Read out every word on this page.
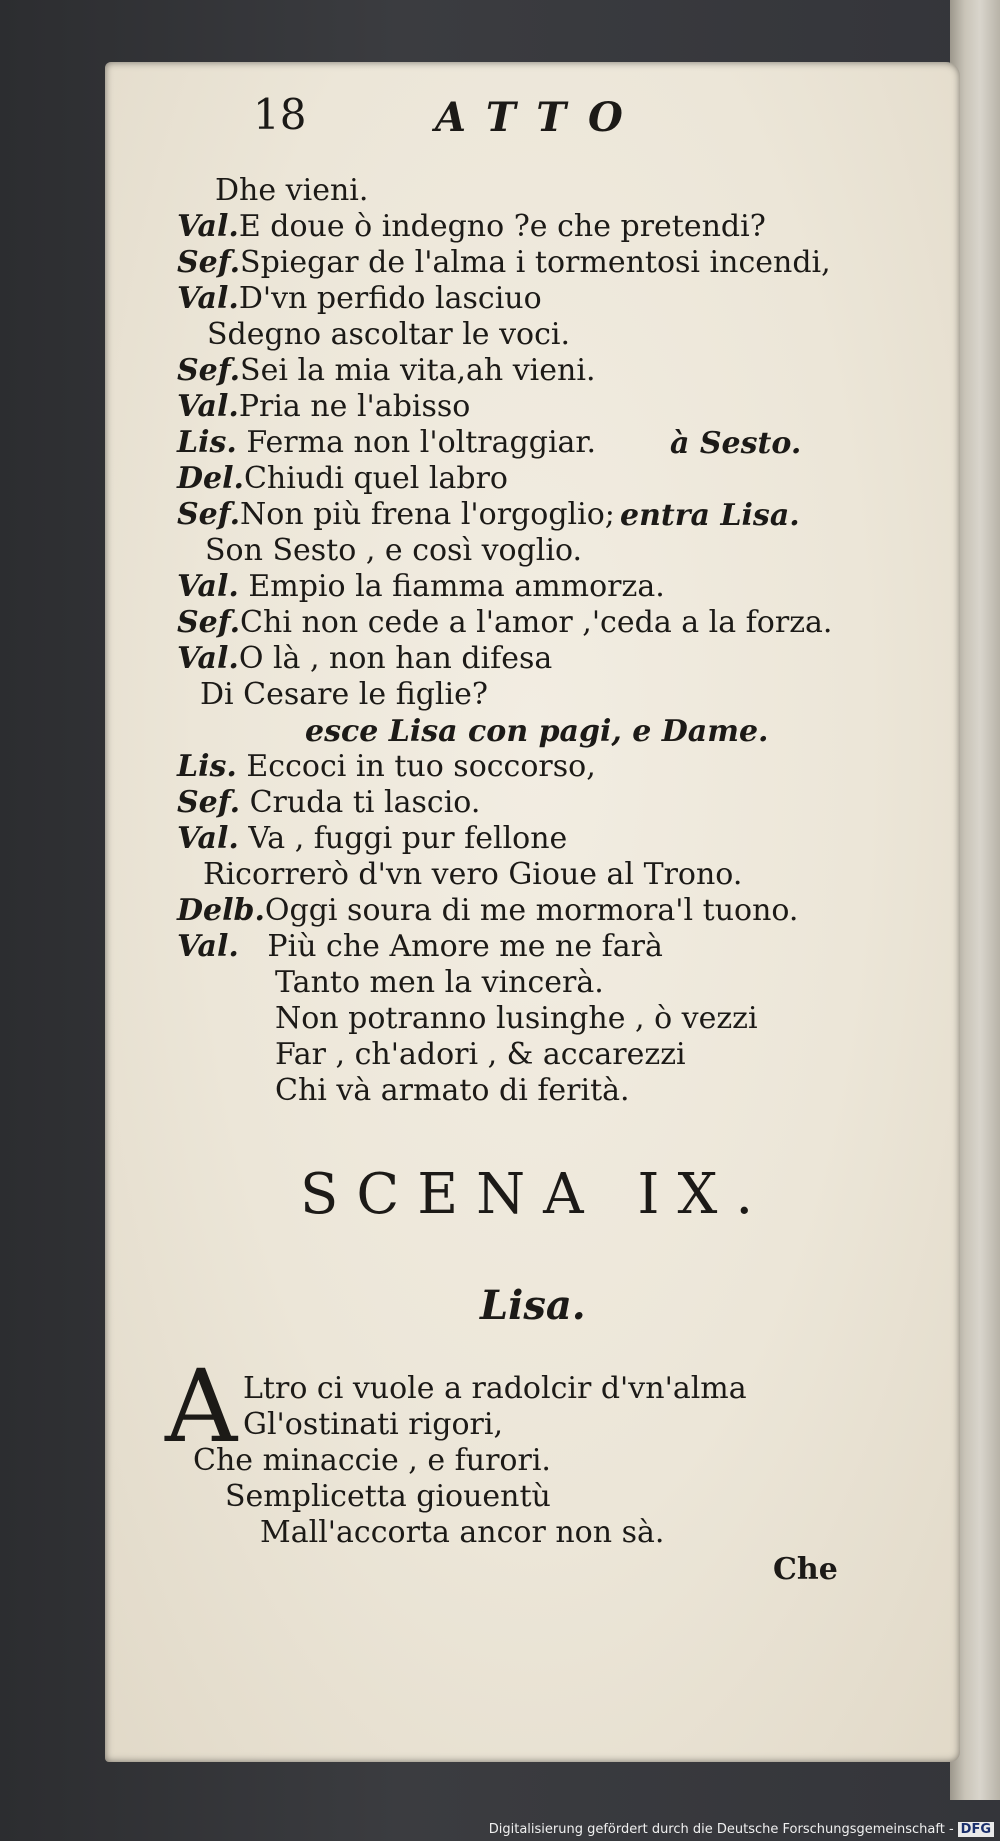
18	ATTO
Dhe vieni.
Val.E doue ò indegno ?e che pretendi?
Sef.Spiegar de l'alma i tormentosi incendi,
Val.D'vn perfido lasciuo
Sdegno ascoltar le voci.
Sef.Sei la mia vita,ah vieni.
Val.Pria ne l'abisso
Lis. Ferma non l'oltraggiar. à Sesto.
Del.Chiudi quel labro
Sef.Non più frena l'orgoglio; entra Lisa.
Son Sesto , e così voglio.
Val. Empio la fiamma ammorza.
Sef.Chi non cede a l'amor ,'ceda a la forza.
Val.O là , non han difesa
Di Cesare le figlie?
esce Lisa con pagi, e Dame.
Lis. Eccoci in tuo soccorso,
Sef. Cruda ti lascio.
Val. Va , fuggi pur fellone
Ricorrerò d'vn vero Gioue al Trono.
Delb.Oggi soura di me mormora'l tuono.
Val. Più che Amore me ne farà
Tanto men la vincerà.
Non potranno lusinghe , ò vezzi
Far , ch'adori , & accarezzi
Chi và armato di ferità.
SCENA IX.
Lisa.
A Ltro ci vuole a radolcir d'vn'alma
Gl'ostinati rigori,
Che minaccie , e furori.
Semplicetta giouentù
Mall'accorta ancor non sà.
Che
Digitalisierung gefördert durch die Deutsche Forschungsgemeinschaft - DFG
